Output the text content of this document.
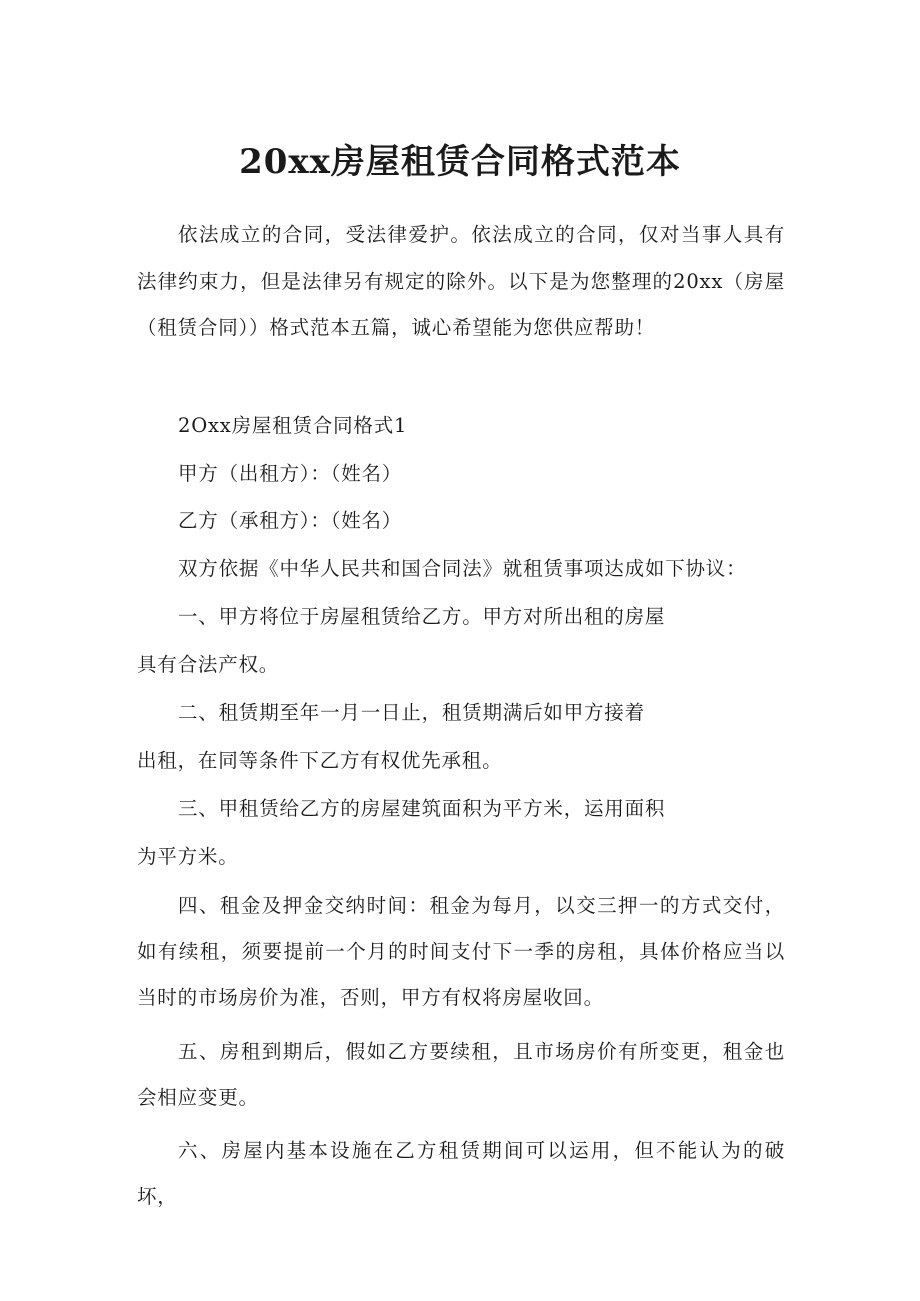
20xx房屋租赁合同格式范本

依法成立的合同，受法律爱护。依法成立的合同，仅对当事人具有法律约束力，但是法律另有规定的除外。以下是为您整理的20xx（房屋（租赁合同））格式范本五篇，诚心希望能为您供应帮助！

2Oxx房屋租赁合同格式1
甲方（出租方）：（姓名）
乙方（承租方）：（姓名）
双方依据《中华人民共和国合同法》就租赁事项达成如下协议：
一、甲方将位于房屋租赁给乙方。甲方对所出租的房屋
具有合法产权。
二、租赁期至年一月一日止，租赁期满后如甲方接着
出租，在同等条件下乙方有权优先承租。
三、甲租赁给乙方的房屋建筑面积为平方米，运用面积
为平方米。

四、租金及押金交纳时间：租金为每月，以交三押一的方式交付，如有续租，须要提前一个月的时间支付下一季的房租，具体价格应当以当时的市场房价为准，否则，甲方有权将房屋收回。

五、房租到期后，假如乙方要续租，且市场房价有所变更，租金也会相应变更。

六、房屋内基本设施在乙方租赁期间可以运用，但不能认为的破坏，
